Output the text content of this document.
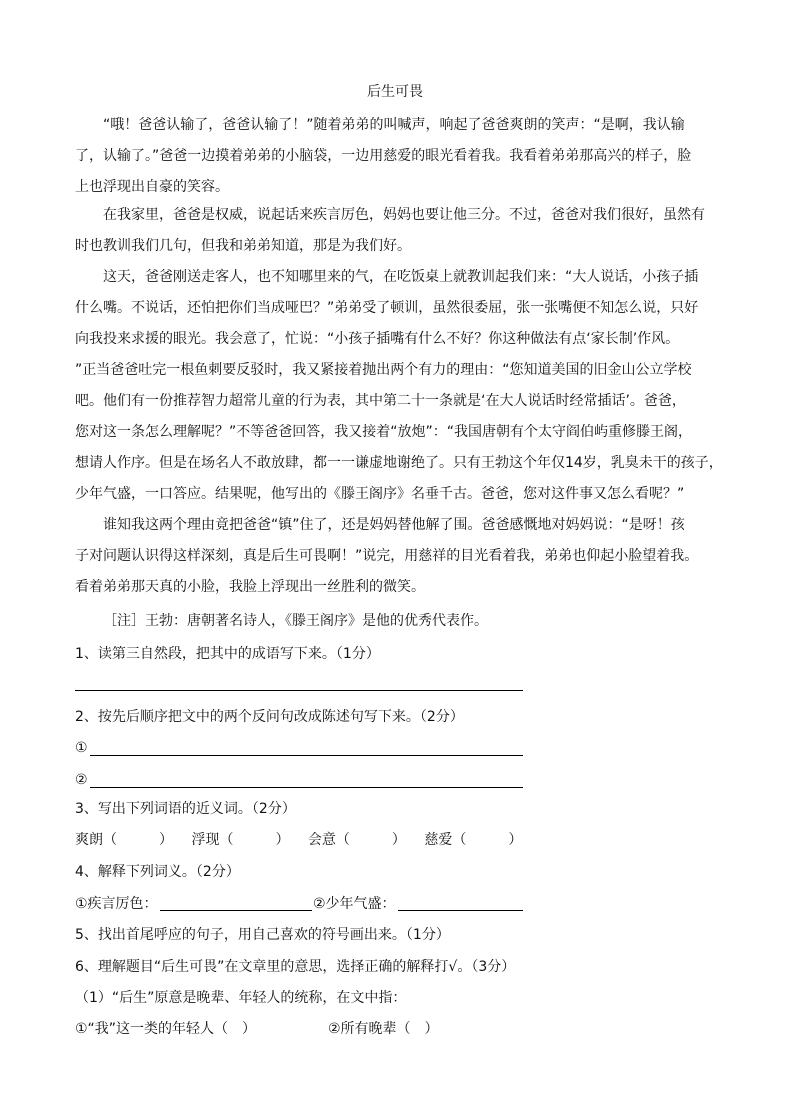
后生可畏

“哦！爸爸认输了，爸爸认输了！”随着弟弟的叫喊声，响起了爸爸爽朗的笑声：“是啊，我认输
了，认输了。”爸爸一边摸着弟弟的小脑袋，一边用慈爱的眼光看着我。我看着弟弟那高兴的样子，脸
上也浮现出自豪的笑容。

在我家里，爸爸是权威，说起话来疾言厉色，妈妈也要让他三分。不过，爸爸对我们很好，虽然有
时也教训我们几句，但我和弟弟知道，那是为我们好。

这天，爸爸刚送走客人，也不知哪里来的气，在吃饭桌上就教训起我们来：“大人说话，小孩子插
什么嘴。不说话，还怕把你们当成哑巴？”弟弟受了顿训，虽然很委屈，张一张嘴便不知怎么说，只好
向我投来求援的眼光。我会意了，忙说：“小孩子插嘴有什么不好？你这种做法有点‘家长制’作风。
”正当爸爸吐完一根鱼刺要反驳时，我又紧接着抛出两个有力的理由：“您知道美国的旧金山公立学校
吧。他们有一份推荐智力超常儿童的行为表，其中第二十一条就是‘在大人说话时经常插话’。爸爸，
您对这一条怎么理解呢？”不等爸爸回答，我又接着“放炮”：“我国唐朝有个太守阎伯屿重修滕王阁，
想请人作序。但是在场名人不敢放肆，都一一谦虚地谢绝了。只有王勃这个年仅14岁，乳臭未干的孩子，
少年气盛，一口答应。结果呢，他写出的《滕王阁序》名垂千古。爸爸，您对这件事又怎么看呢？”

谁知我这两个理由竟把爸爸“镇”住了，还是妈妈替他解了围。爸爸感慨地对妈妈说：“是呀！孩
子对问题认识得这样深刻，真是后生可畏啊！”说完，用慈祥的目光看着我，弟弟也仰起小脸望着我。
看着弟弟那天真的小脸，我脸上浮现出一丝胜利的微笑。

［注］王勃：唐朝著名诗人，《滕王阁序》是他的优秀代表作。
1、读第三自然段，把其中的成语写下来。（1分）
2、按先后顺序把文中的两个反问句改成陈述句写下来。（2分）
①
②
3、写出下列词语的近义词。（2分）
爽朗（　　　） 浮现（　　　） 会意（　　　） 慈爱（　　　）
4、解释下列词义。（2分）
①疾言厉色：	②少年气盛：
5、找出首尾呼应的句子，用自己喜欢的符号画出来。（1分）
6、理解题目“后生可畏”在文章里的意思，选择正确的解释打√。（3分）
（1）“后生”原意是晚辈、年轻人的统称，在文中指：
①“我”这一类的年轻人（　）	②所有晚辈（　）
